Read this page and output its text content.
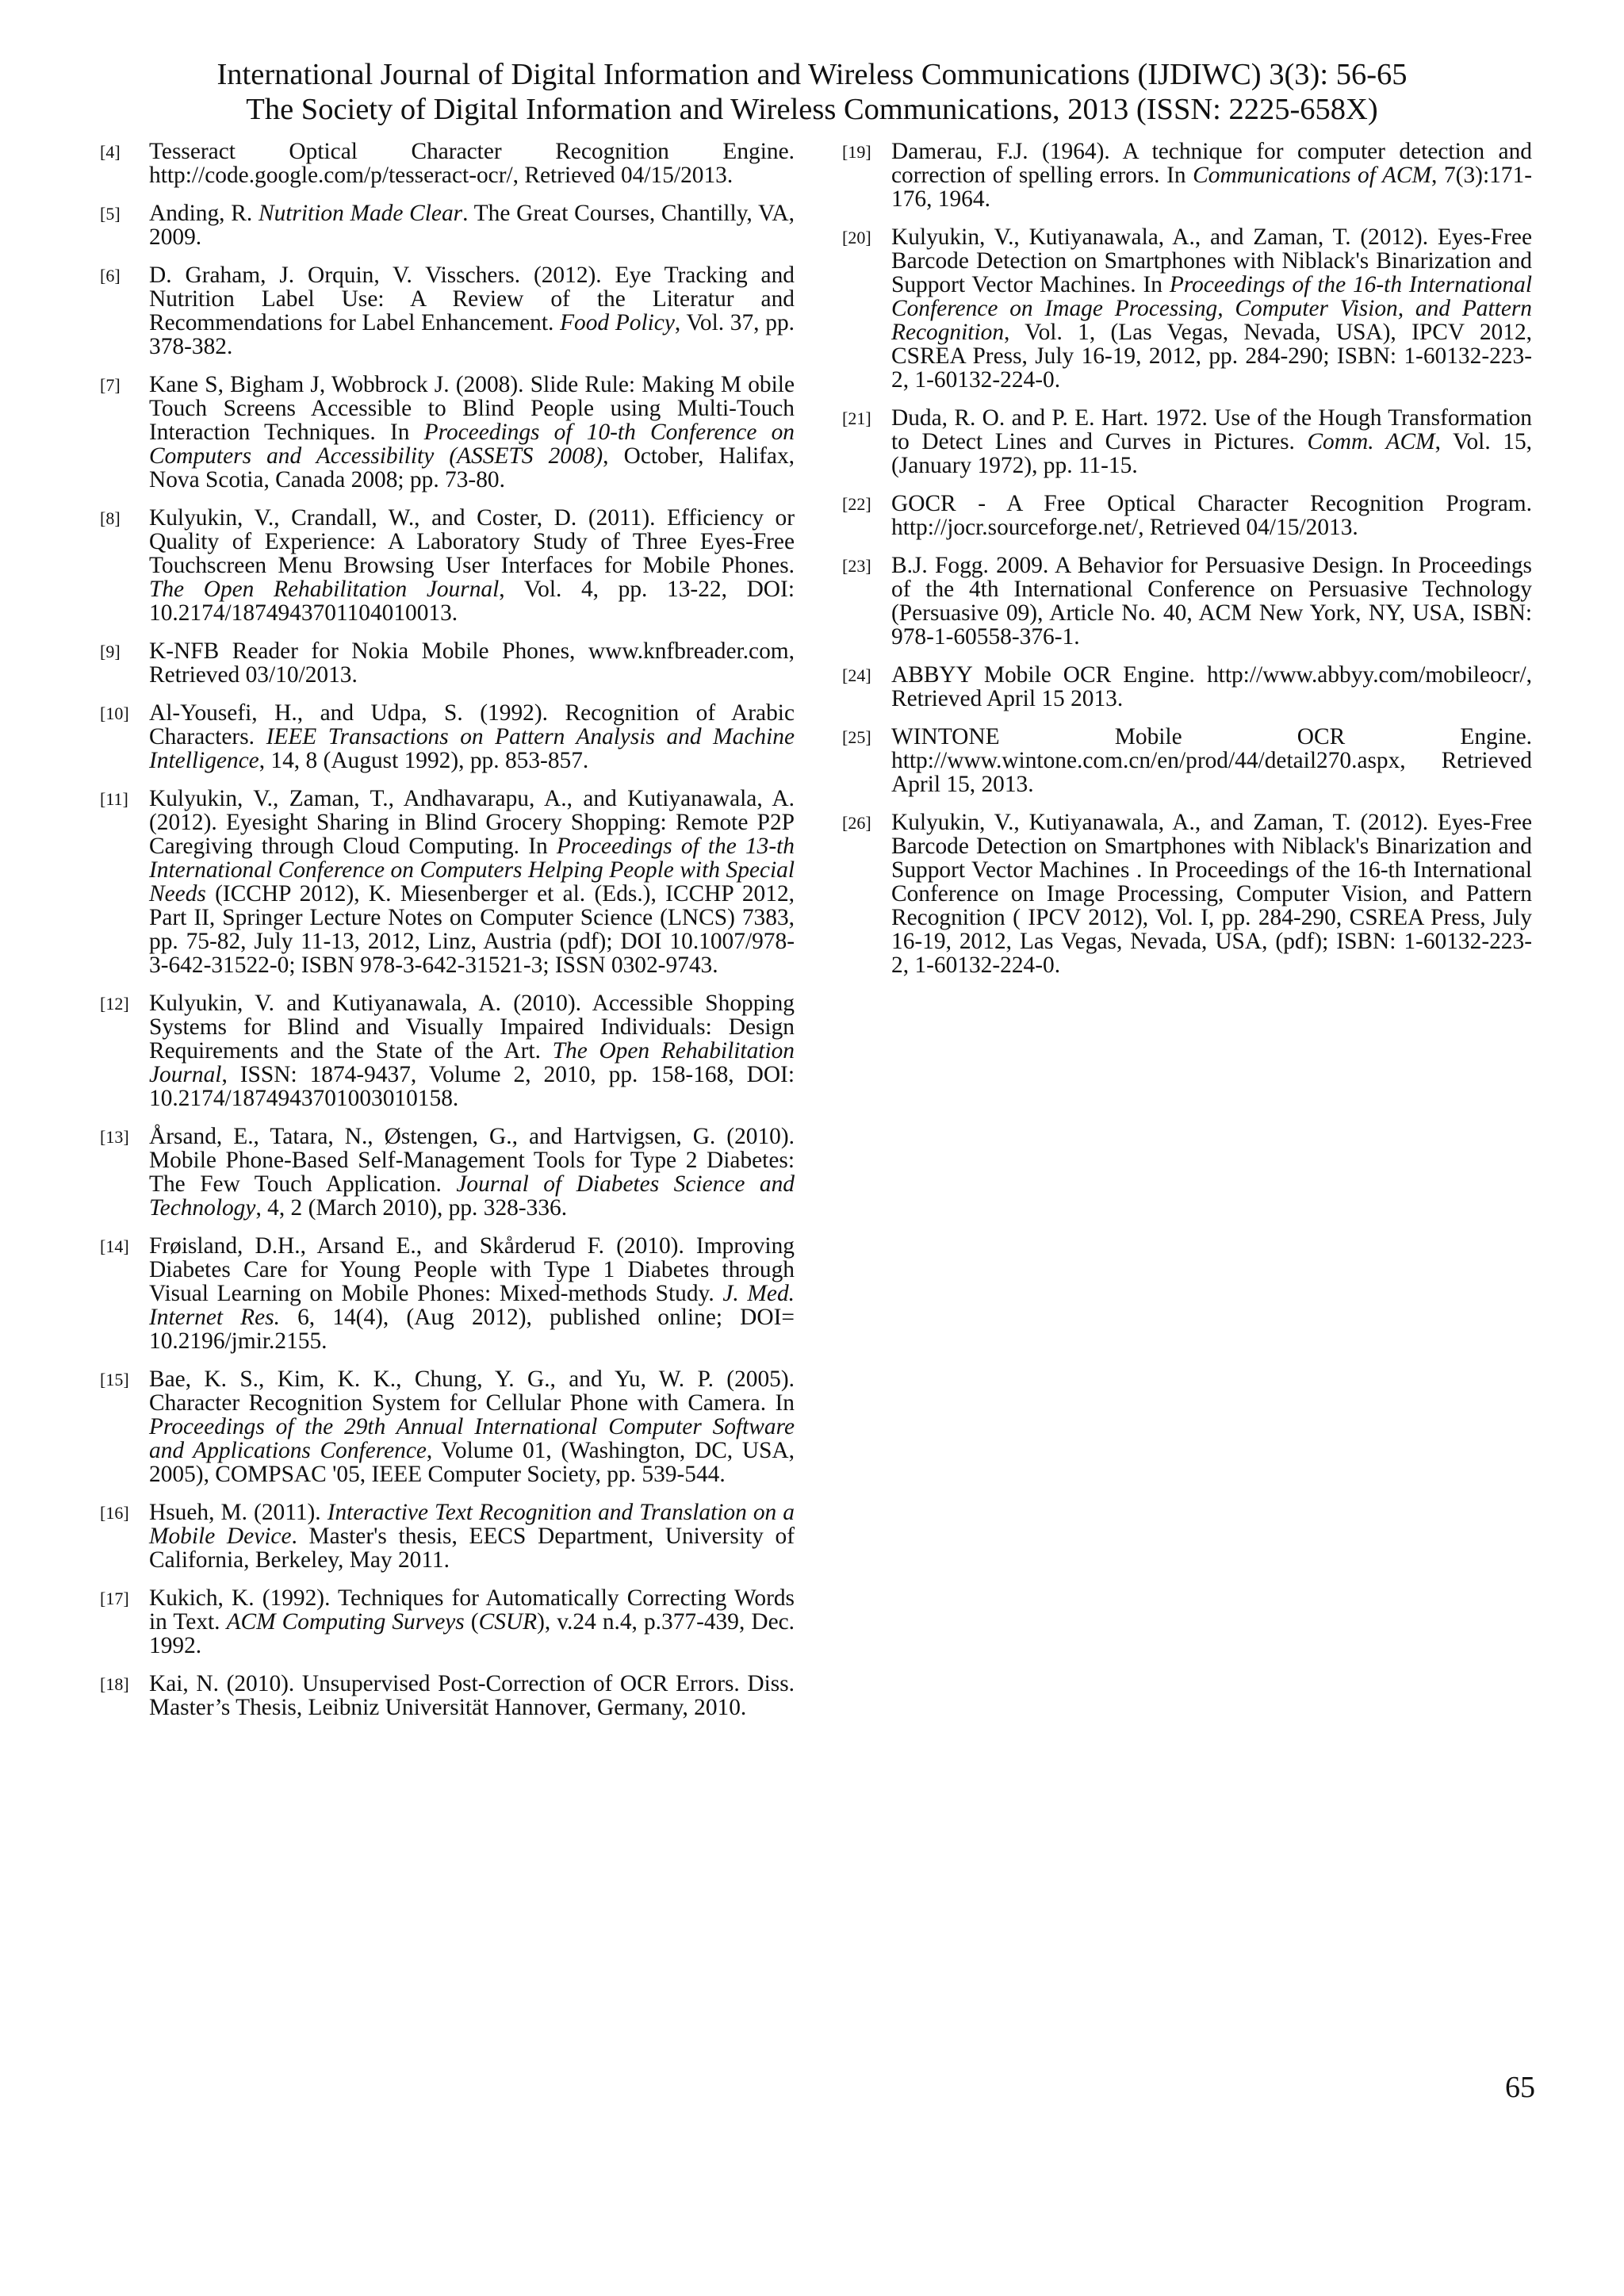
International Journal of Digital Information and Wireless Communications (IJDIWC) 3(3): 56-65
The Society of Digital Information and Wireless Communications, 2013 (ISSN: 2225-658X)
[4] Tesseract Optical Character Recognition Engine. http://code.google.com/p/tesseract-ocr/, Retrieved 04/15/2013.
[5] Anding, R. Nutrition Made Clear. The Great Courses, Chantilly, VA, 2009.
[6] D. Graham, J. Orquin, V. Visschers. (2012). Eye Tracking and Nutrition Label Use: A Review of the Literatur and Recommendations for Label Enhancement. Food Policy, Vol. 37, pp. 378-382.
[7] Kane S, Bigham J, Wobbrock J. (2008). Slide Rule: Making M obile Touch Screens Accessible to Blind People using Multi-Touch Interaction Techniques. In Proceedings of 10-th Conference on Computers and Accessibility (ASSETS 2008), October, Halifax, Nova Scotia, Canada 2008; pp. 73-80.
[8] Kulyukin, V., Crandall, W., and Coster, D. (2011). Efficiency or Quality of Experience: A Laboratory Study of Three Eyes-Free Touchscreen Menu Browsing User Interfaces for Mobile Phones. The Open Rehabilitation Journal, Vol. 4, pp. 13-22, DOI: 10.2174/1874943701104010013.
[9] K-NFB Reader for Nokia Mobile Phones, www.knfbreader.com, Retrieved 03/10/2013.
[10] Al-Yousefi, H., and Udpa, S. (1992). Recognition of Arabic Characters. IEEE Transactions on Pattern Analysis and Machine Intelligence, 14, 8 (August 1992), pp. 853-857.
[11] Kulyukin, V., Zaman, T., Andhavarapu, A., and Kutiyanawala, A. (2012). Eyesight Sharing in Blind Grocery Shopping: Remote P2P Caregiving through Cloud Computing. In Proceedings of the 13-th International Conference on Computers Helping People with Special Needs (ICCHP 2012), K. Miesenberger et al. (Eds.), ICCHP 2012, Part II, Springer Lecture Notes on Computer Science (LNCS) 7383, pp. 75-82, July 11-13, 2012, Linz, Austria (pdf); DOI 10.1007/978-3-642-31522-0; ISBN 978-3-642-31521-3; ISSN 0302-9743.
[12] Kulyukin, V. and Kutiyanawala, A. (2010). Accessible Shopping Systems for Blind and Visually Impaired Individuals: Design Requirements and the State of the Art. The Open Rehabilitation Journal, ISSN: 1874-9437, Volume 2, 2010, pp. 158-168, DOI: 10.2174/1874943701003010158.
[13] Årsand, E., Tatara, N., Østengen, G., and Hartvigsen, G. (2010). Mobile Phone-Based Self-Management Tools for Type 2 Diabetes: The Few Touch Application. Journal of Diabetes Science and Technology, 4, 2 (March 2010), pp. 328-336.
[14] Frøisland, D.H., Arsand E., and Skårderud F. (2010). Improving Diabetes Care for Young People with Type 1 Diabetes through Visual Learning on Mobile Phones: Mixed-methods Study. J. Med. Internet Res. 6, 14(4), (Aug 2012), published online; DOI= 10.2196/jmir.2155.
[15] Bae, K. S., Kim, K. K., Chung, Y. G., and Yu, W. P. (2005). Character Recognition System for Cellular Phone with Camera. In Proceedings of the 29th Annual International Computer Software and Applications Conference, Volume 01, (Washington, DC, USA, 2005), COMPSAC '05, IEEE Computer Society, pp. 539-544.
[16] Hsueh, M. (2011). Interactive Text Recognition and Translation on a Mobile Device. Master's thesis, EECS Department, University of California, Berkeley, May 2011.
[17] Kukich, K. (1992). Techniques for Automatically Correcting Words in Text. ACM Computing Surveys (CSUR), v.24 n.4, p.377-439, Dec. 1992.
[18] Kai, N. (2010). Unsupervised Post-Correction of OCR Errors. Diss. Master’s Thesis, Leibniz Universität Hannover, Germany, 2010.
[19] Damerau, F.J. (1964). A technique for computer detection and correction of spelling errors. In Communications of ACM, 7(3):171-176, 1964.
[20] Kulyukin, V., Kutiyanawala, A., and Zaman, T. (2012). Eyes-Free Barcode Detection on Smartphones with Niblack's Binarization and Support Vector Machines. In Proceedings of the 16-th International Conference on Image Processing, Computer Vision, and Pattern Recognition, Vol. 1, (Las Vegas, Nevada, USA), IPCV 2012, CSREA Press, July 16-19, 2012, pp. 284-290; ISBN: 1-60132-223-2, 1-60132-224-0.
[21] Duda, R. O. and P. E. Hart. 1972. Use of the Hough Transformation to Detect Lines and Curves in Pictures. Comm. ACM, Vol. 15, (January 1972), pp. 11-15.
[22] GOCR - A Free Optical Character Recognition Program. http://jocr.sourceforge.net/, Retrieved 04/15/2013.
[23] B.J. Fogg. 2009. A Behavior for Persuasive Design. In Proceedings of the 4th International Conference on Persuasive Technology (Persuasive 09), Article No. 40, ACM New York, NY, USA, ISBN: 978-1-60558-376-1.
[24] ABBYY Mobile OCR Engine. http://www.abbyy.com/mobileocr/, Retrieved April 15 2013.
[25] WINTONE Mobile OCR Engine. http://www.wintone.com.cn/en/prod/44/detail270.aspx, Retrieved April 15, 2013.
[26] Kulyukin, V., Kutiyanawala, A., and Zaman, T. (2012). Eyes-Free Barcode Detection on Smartphones with Niblack's Binarization and Support Vector Machines . In Proceedings of the 16-th International Conference on Image Processing, Computer Vision, and Pattern Recognition ( IPCV 2012), Vol. I, pp. 284-290, CSREA Press, July 16-19, 2012, Las Vegas, Nevada, USA, (pdf); ISBN: 1-60132-223-2, 1-60132-224-0.
65
